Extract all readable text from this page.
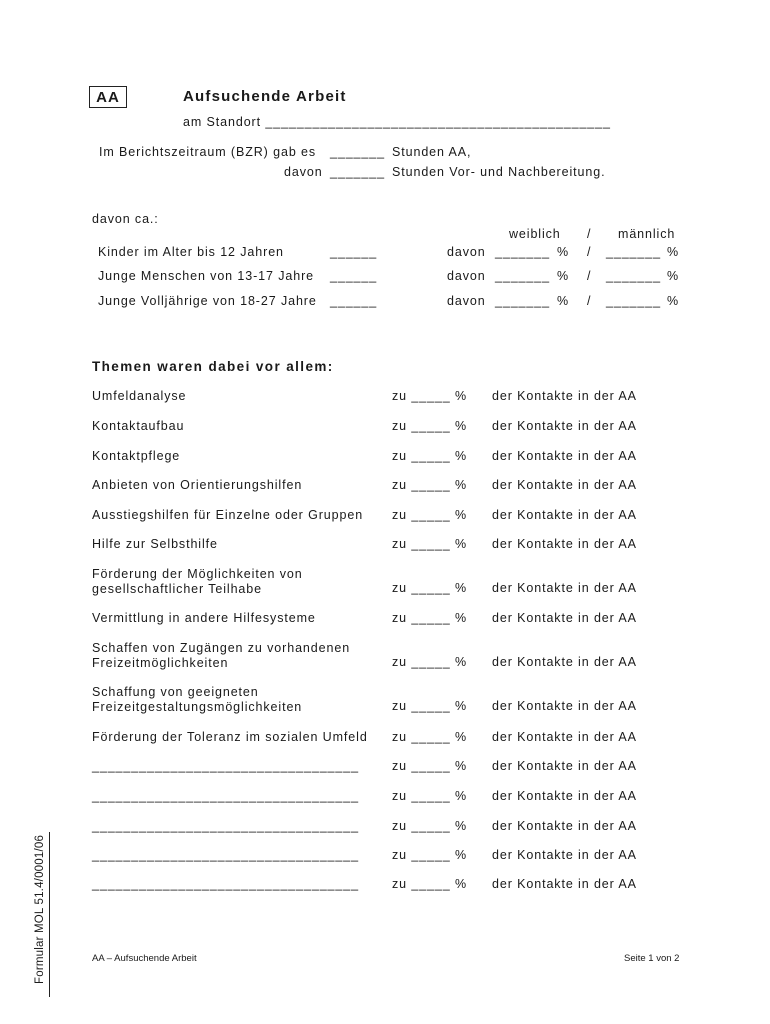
AA	Aufsuchende Arbeit
am Standort ____________________________________________
Im Berichtszeitraum (BZR) gab es _______ Stunden AA,
davon _______ Stunden Vor- und Nachbereitung.
davon ca.:
weiblich / männlich
Kinder im Alter bis 12 Jahren	______	davon _______ % / _______ %
Junge Menschen von 13-17 Jahre ______	davon _______ % / _______ %
Junge Volljährige von 18-27 Jahre ______	davon _______ % / _______ %
Themen waren dabei vor allem:
Umfeldanalyse	zu _____ % der Kontakte in der AA
Kontaktaufbau	zu _____ % der Kontakte in der AA
Kontaktpflege	zu _____ % der Kontakte in der AA
Anbieten von Orientierungshilfen	zu _____ % der Kontakte in der AA
Ausstiegshilfen für Einzelne oder Gruppen zu _____ % der Kontakte in der AA
Hilfe zur Selbsthilfe	zu _____ % der Kontakte in der AA
Förderung der Möglichkeiten von
gesellschaftlicher Teilhabe	zu _____ % der Kontakte in der AA
Vermittlung in andere Hilfesysteme	zu _____ % der Kontakte in der AA
Schaffen von Zugängen zu vorhandenen
Freizeitmöglichkeiten	zu _____ % der Kontakte in der AA
Schaffung von geeigneten
Freizeitgestaltungsmöglichkeiten	zu _____ % der Kontakte in der AA
Förderung der Toleranz im sozialen Umfeld zu _____ % der Kontakte in der AA
__________________________________	zu _____ % der Kontakte in der AA
__________________________________	zu _____ % der Kontakte in der AA
__________________________________	zu _____ % der Kontakte in der AA
__________________________________	zu _____ % der Kontakte in der AA
__________________________________	zu _____ % der Kontakte in der AA
AA – Aufsuchende Arbeit	Seite 1 von 2
Formular MOL 51.4/0001/06
